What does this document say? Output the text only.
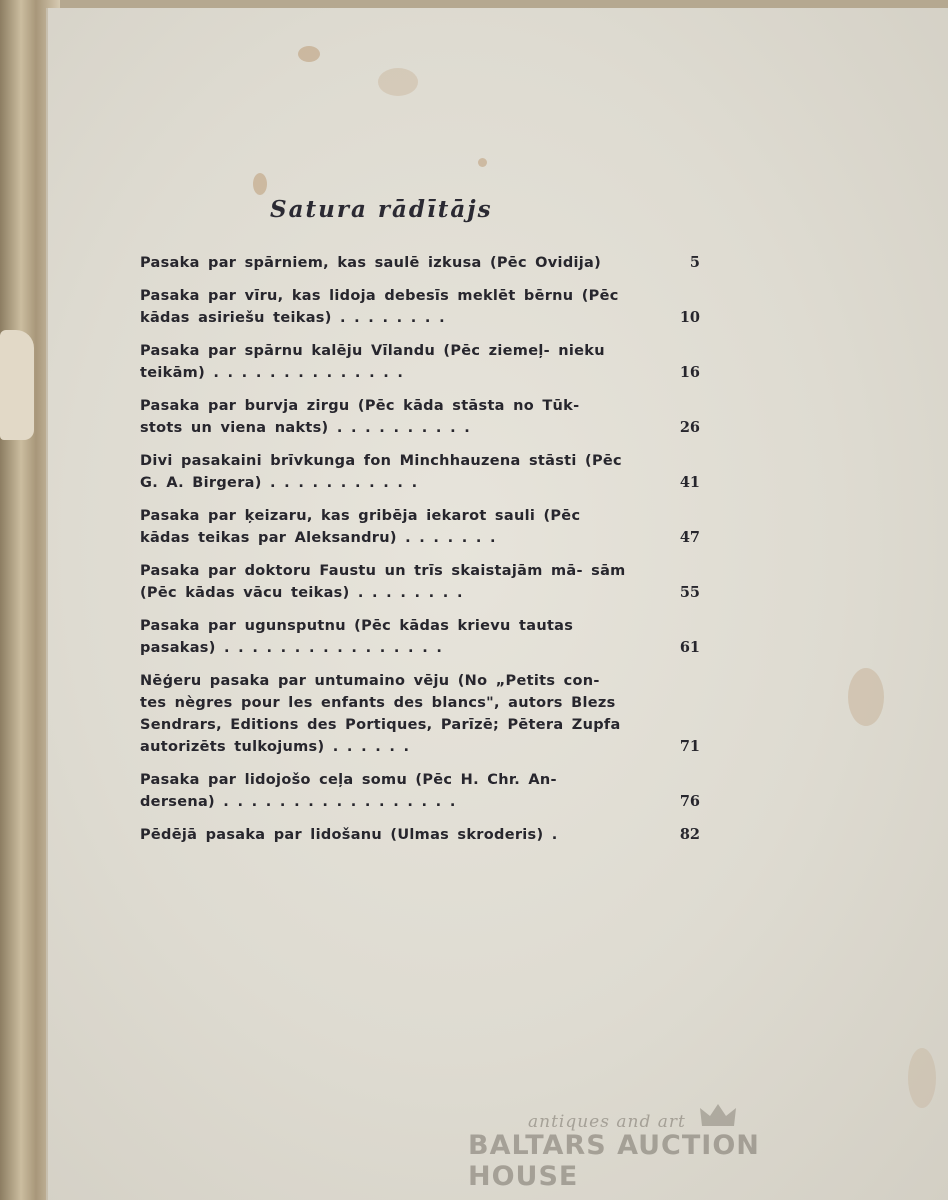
Satura rādītājs
Pasaka par spārniem, kas saulē izkusa (Pēc Ovidija)	5
Pasaka par vīru, kas lidoja debesīs meklēt bērnu (Pēc kādas asiriešu teikas) . . . . . . . .	10
Pasaka par spārnu kalēju Vīlandu (Pēc ziemeļ- nieku teikām) . . . . . . . . . . . . . .	16
Pasaka par burvja zirgu (Pēc kāda stāsta no Tūk- stots un viena nakts) . . . . . . . . . .	26
Divi pasakaini brīvkunga fon Minchhauzena stāsti (Pēc G. A. Birgera) . . . . . . . . . . .	41
Pasaka par ķeizaru, kas gribēja iekarot sauli (Pēc kādas teikas par Aleksandru) . . . . . . .	47
Pasaka par doktoru Faustu un trīs skaistajām mā- sām (Pēc kādas vācu teikas) . . . . . . . .	55
Pasaka par ugunsputnu (Pēc kādas krievu tautas pasakas) . . . . . . . . . . . . . . . .	61
Nēģeru pasaka par untumaino vēju (No „Petits con- tes nègres pour les enfants des blancs", autors Blezs Sendrars, Editions des Portiques, Parīzē; Pētera Zupfa autorizēts tulkojums) . . . . . .	71
Pasaka par lidojošo ceļa somu (Pēc H. Chr. An- dersena) . . . . . . . . . . . . . . . . .	76
Pēdējā pasaka par lidošanu (Ulmas skroderis) .	82
antiques and art
BALTARS AUCTION HOUSE
